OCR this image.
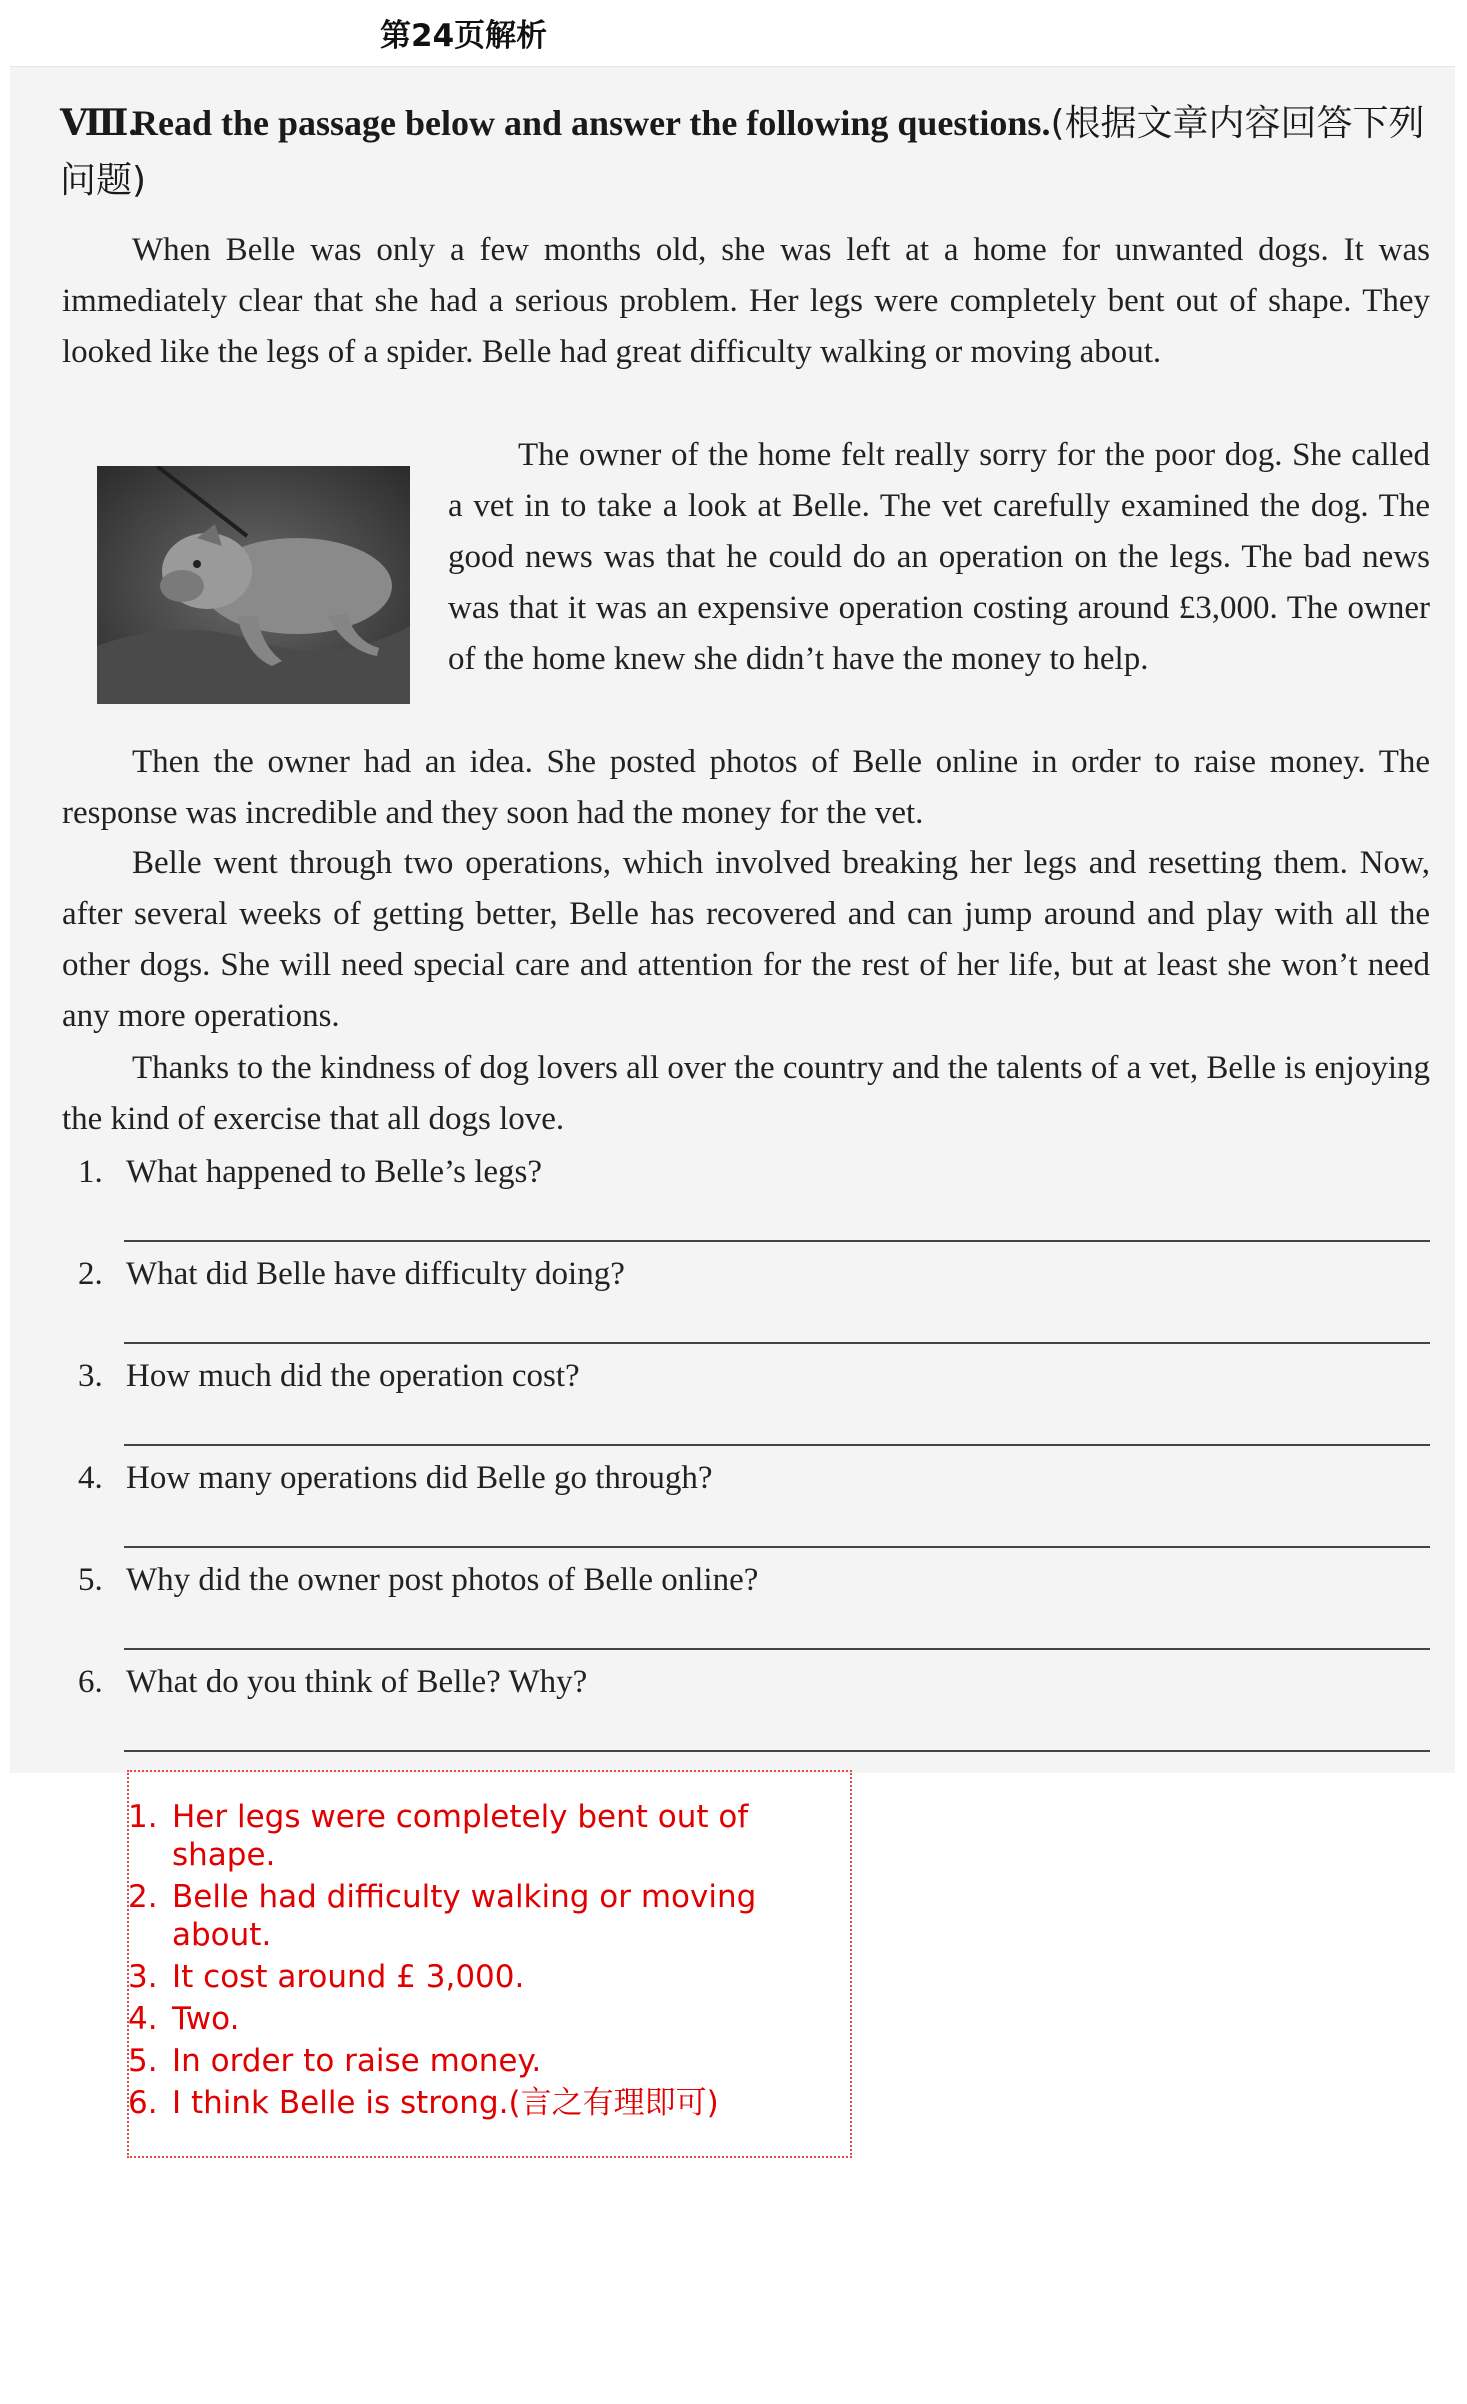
第24页解析
Ⅷ.Read the passage below and answer the following questions.(根据文章内容回答下列问题)
When Belle was only a few months old, she was left at a home for unwanted dogs. It was immediately clear that she had a serious problem. Her legs were completely bent out of shape. They looked like the legs of a spider. Belle had great difficulty walking or moving about.
The owner of the home felt really sorry for the poor dog. She called a vet in to take a look at Belle. The vet carefully examined the dog. The good news was that he could do an operation on the legs. The bad news was that it was an expensive operation costing around £3,000. The owner of the home knew she didn’t have the money to help.
Then the owner had an idea. She posted photos of Belle online in order to raise money. The response was incredible and they soon had the money for the vet.
Belle went through two operations, which involved breaking her legs and resetting them. Now, after several weeks of getting better, Belle has recovered and can jump around and play with all the other dogs. She will need special care and attention for the rest of her life, but at least she won’t need any more operations.
Thanks to the kindness of dog lovers all over the country and the talents of a vet, Belle is enjoying the kind of exercise that all dogs love.
1. What happened to Belle’s legs?
2. What did Belle have difficulty doing?
3. How much did the operation cost?
4. How many operations did Belle go through?
5. Why did the owner post photos of Belle online?
6. What do you think of Belle? Why?
1. Her legs were completely bent out of shape.
2. Belle had difficulty walking or moving about.
3. It cost around £ 3,000.
4. Two.
5. In order to raise money.
6. I think Belle is strong.(言之有理即可)
